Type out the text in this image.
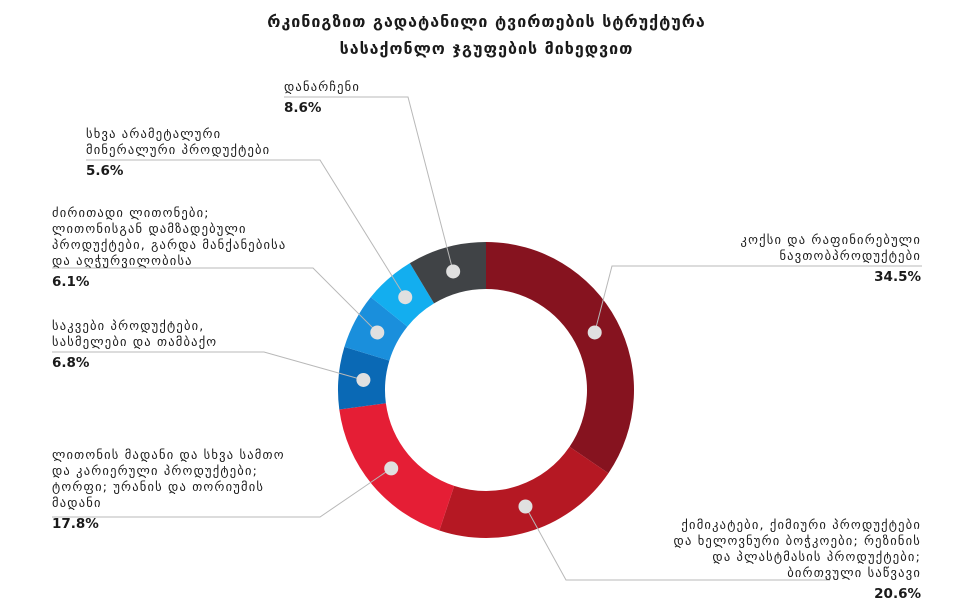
რკინიგზით გადატანილი ტვირთების სტრუქტურა
სასაქონლო ჯგუფების მიხედვით
კოქსი და რაფინირებული
ნავთობპროდუქტები
34.5%
ქიმიკატები, ქიმიური პროდუქტები
და ხელოვნური ბოჭკოები; რეზინის
და პლასტმასის პროდუქტები;
ბირთვული საწვავი
20.6%
ლითონის მადანი და სხვა სამთო
და კარიერული პროდუქტები;
ტორფი; ურანის და თორიუმის
მადანი
17.8%
საკვები პროდუქტები,
სასმელები და თამბაქო
6.8%
ძირითადი ლითონები;
ლითონისგან დამზადებული
პროდუქტები, გარდა მანქანებისა
და აღჭურვილობისა
6.1%
სხვა არამეტალური
მინერალური პროდუქტები
5.6%
დანარჩენი
8.6%
